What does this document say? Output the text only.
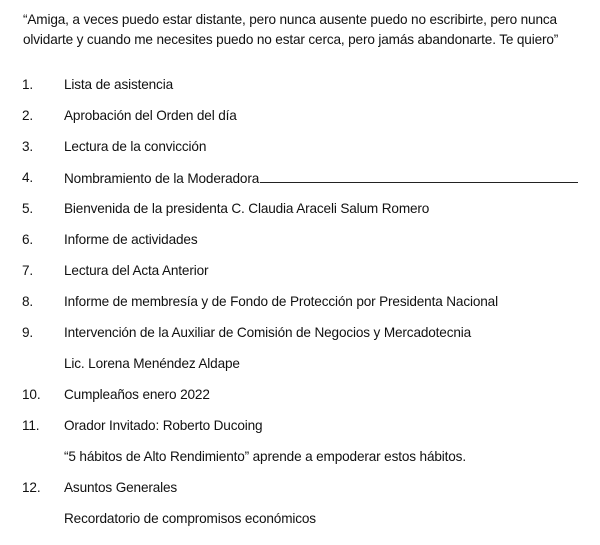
“Amiga, a veces puedo estar distante, pero nunca ausente puedo no escribirte, pero nunca olvidarte y cuando me necesites puedo no estar cerca, pero jamás abandonarte. Te quiero”

1. Lista de asistencia
2. Aprobación del Orden del día
3. Lectura de la convicción
4. Nombramiento de la Moderadora
5. Bienvenida de la presidenta C. Claudia Araceli Salum Romero
6. Informe de actividades
7. Lectura del Acta Anterior
8. Informe de membresía y de Fondo de Protección por Presidenta Nacional
9. Intervención de la Auxiliar de Comisión de Negocios y Mercadotecnia
Lic. Lorena Menéndez Aldape
10. Cumpleaños enero 2022
11. Orador Invitado: Roberto Ducoing
“5 hábitos de Alto Rendimiento” aprende a empoderar estos hábitos.
12. Asuntos Generales
Recordatorio de compromisos económicos
